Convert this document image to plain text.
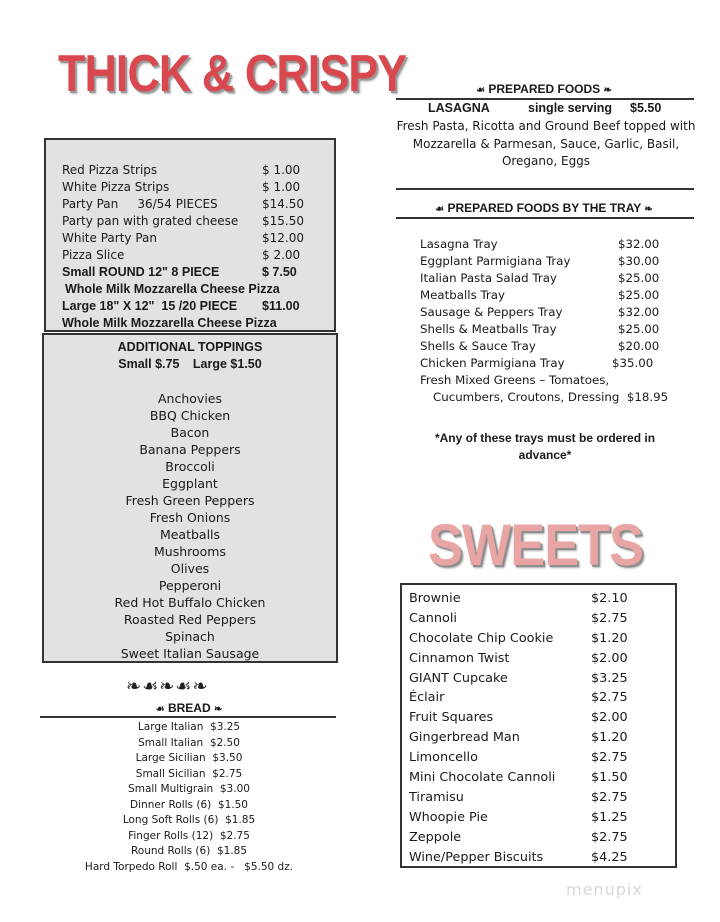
THICK & CRISPY
Red Pizza Strips	$ 1.00
White Pizza Strips	$ 1.00
Party Pan     36/54 PIECES	$14.50
Party pan with grated cheese	$15.50
White Party Pan	$12.00
Pizza Slice	$ 2.00
Small ROUND 12" 8 PIECE	$ 7.50
Whole Milk Mozzarella Cheese Pizza
Large 18" X 12"  15 /20 PIECE	$11.00
Whole Milk Mozzarella Cheese Pizza
ADDITIONAL TOPPINGS
Small $.75 Large $1.50
Anchovies
BBQ Chicken
Bacon
Banana Peppers
Broccoli
Eggplant
Fresh Green Peppers
Fresh Onions
Meatballs
Mushrooms
Olives
Pepperoni
Red Hot Buffalo Chicken
Roasted Red Peppers
Spinach
Sweet Italian Sausage
❧☙❧☙❧
☙ BREAD ❧
Large Italian  $3.25
Small Italian  $2.50
Large Sicilian  $3.50
Small Sicilian  $2.75
Small Multigrain  $3.00
Dinner Rolls (6)  $1.50
Long Soft Rolls (6)  $1.85
Finger Rolls (12)  $2.75
Round Rolls (6)  $1.85
Hard Torpedo Roll  $.50 ea. -   $5.50 dz.
☙ PREPARED FOODS ❧
LASAGNA	single serving $5.50
Fresh Pasta, Ricotta and Ground Beef topped with Mozzarella & Parmesan, Sauce, Garlic, Basil, Oregano, Eggs
☙ PREPARED FOODS BY THE TRAY ❧
Lasagna Tray	$32.00
Eggplant Parmigiana Tray	$30.00
Italian Pasta Salad Tray	$25.00
Meatballs Tray	$25.00
Sausage & Peppers Tray	$32.00
Shells & Meatballs Tray	$25.00
Shells & Sauce Tray	$20.00
Chicken Parmigiana Tray	$35.00
Fresh Mixed Greens – Tomatoes,
Cucumbers, Croutons, Dressing  $18.95
*Any of these trays must be ordered in advance*
SWEETS
Brownie	$2.10
Cannoli	$2.75
Chocolate Chip Cookie	$1.20
Cinnamon Twist	$2.00
GIANT Cupcake	$3.25
Éclair	$2.75
Fruit Squares	$2.00
Gingerbread Man	$1.20
Limoncello	$2.75
Mini Chocolate Cannoli	$1.50
Tiramisu	$2.75
Whoopie Pie	$1.25
Zeppole	$2.75
Wine/Pepper Biscuits	$4.25
menupix
